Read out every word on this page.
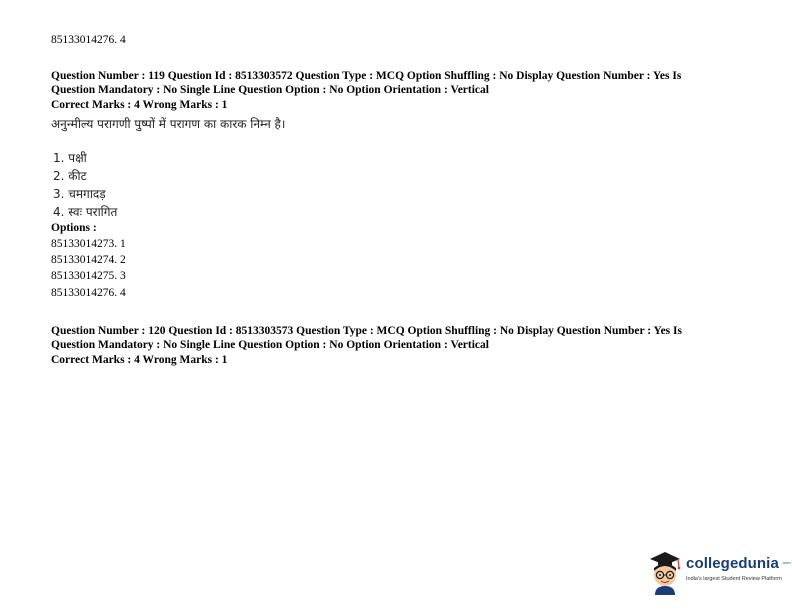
85133014276. 4
Question Number : 119 Question Id : 8513303572 Question Type : MCQ Option Shuffling : No Display Question Number : Yes Is
Question Mandatory : No Single Line Question Option : No Option Orientation : Vertical
Correct Marks : 4 Wrong Marks : 1
अनुन्मील्य परागणी पुष्पों में परागण का कारक निम्न है।
1. पक्षी
2. कीट
3. चमगादड़
4. स्वः परागित
Options :
85133014273. 1
85133014274. 2
85133014275. 3
85133014276. 4
Question Number : 120 Question Id : 8513303573 Question Type : MCQ Option Shuffling : No Display Question Number : Yes Is
Question Mandatory : No Single Line Question Option : No Option Orientation : Vertical
Correct Marks : 4 Wrong Marks : 1
collegedunia .com
India's largest Student Review Platform
